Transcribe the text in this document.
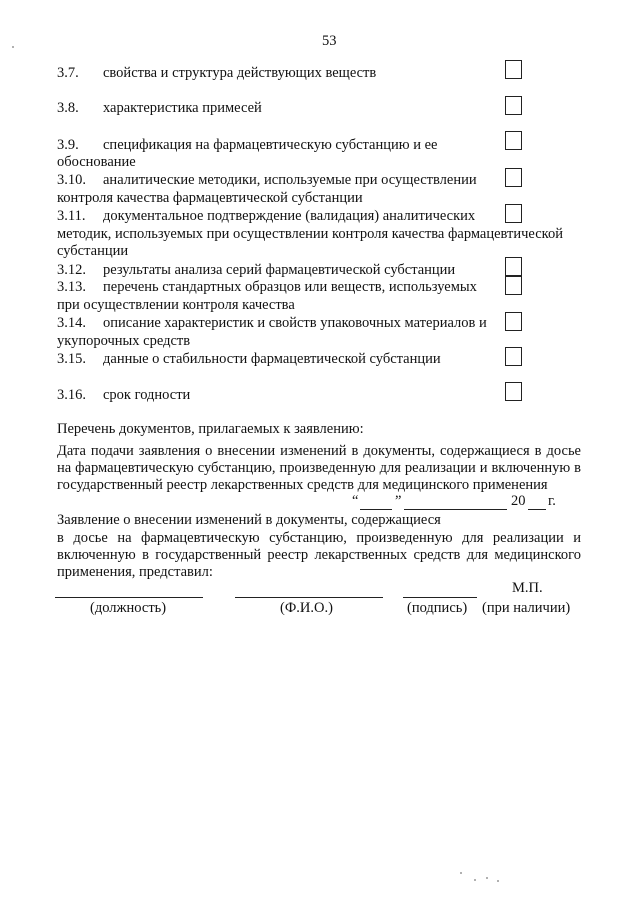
53
3.7. свойства и структура действующих веществ
3.8. характеристика примесей
3.9. спецификация на фармацевтическую субстанцию и ее
обоснование
3.10. аналитические методики, используемые при осуществлении
контроля качества фармацевтической субстанции
3.11. документальное подтверждение (валидация) аналитических
методик, используемых при осуществлении контроля качества фармацевтической
субстанции
3.12. результаты анализа серий фармацевтической субстанции
3.13. перечень стандартных образцов или веществ, используемых
при осуществлении контроля качества
3.14. описание характеристик и свойств упаковочных материалов и
укупорочных средств
3.15. данные о стабильности фармацевтической субстанции
3.16. срок годности
Перечень документов, прилагаемых к заявлению:
Дата подачи заявления о внесении изменений в документы, содержащиеся в досье
на фармацевтическую субстанцию, произведенную для реализации и включенную в
государственный реестр лекарственных средств для медицинского применения
“	”	20 г.
Заявление о внесении изменений в документы, содержащиеся
в досье на фармацевтическую субстанцию, произведенную для реализации и
включенную в государственный реестр лекарственных средств для медицинского
применения, представил:
М.П.
(должность)	(Ф.И.О.)	(подпись) (при наличии)
